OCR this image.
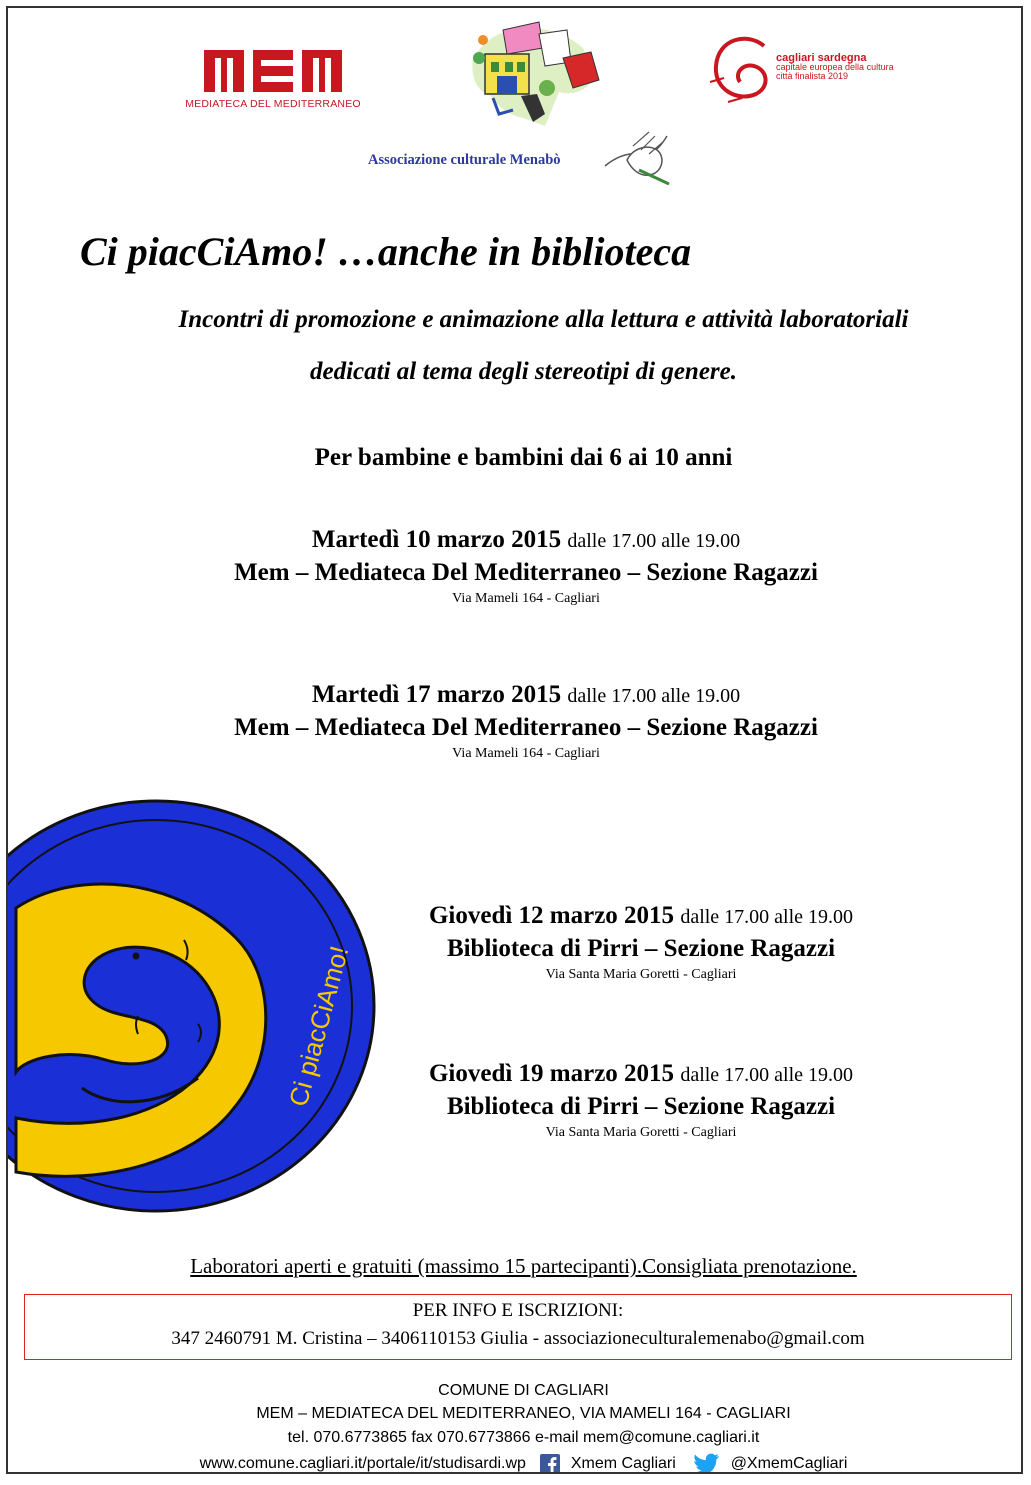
MEDIATECA DEL MEDITERRANEO
cagliari sardegna
capitale europea della cultura
città finalista 2019
Associazione culturale Menabò
Ci piacCiAmo! …anche in biblioteca
Incontri di promozione e animazione alla lettura e attività laboratoriali
dedicati al tema degli stereotipi di genere.
Per bambine e bambini dai 6 ai 10 anni
Martedì 10 marzo 2015 dalle 17.00 alle 19.00
Mem – Mediateca Del Mediterraneo – Sezione Ragazzi
Via Mameli 164 - Cagliari
Martedì 17 marzo 2015 dalle 17.00 alle 19.00
Mem – Mediateca Del Mediterraneo – Sezione Ragazzi
Via Mameli 164 - Cagliari
Ci piacCiAmo!
Giovedì 12 marzo 2015 dalle 17.00 alle 19.00
Biblioteca di Pirri – Sezione Ragazzi
Via Santa Maria Goretti - Cagliari
Giovedì 19 marzo 2015 dalle 17.00 alle 19.00
Biblioteca di Pirri – Sezione Ragazzi
Via Santa Maria Goretti - Cagliari
Laboratori aperti e gratuiti (massimo 15 partecipanti).Consigliata prenotazione.
PER INFO E ISCRIZIONI:
347 2460791 M. Cristina – 3406110153 Giulia - associazioneculturalemenabo@gmail.com
COMUNE DI CAGLIARI
MEM – MEDIATECA DEL MEDITERRANEO, VIA MAMELI 164 - CAGLIARI
tel. 070.6773865 fax 070.6773866 e-mail mem@comune.cagliari.it
www.comune.cagliari.it/portale/it/studisardi.wp	Xmem Cagliari	@XmemCagliari
